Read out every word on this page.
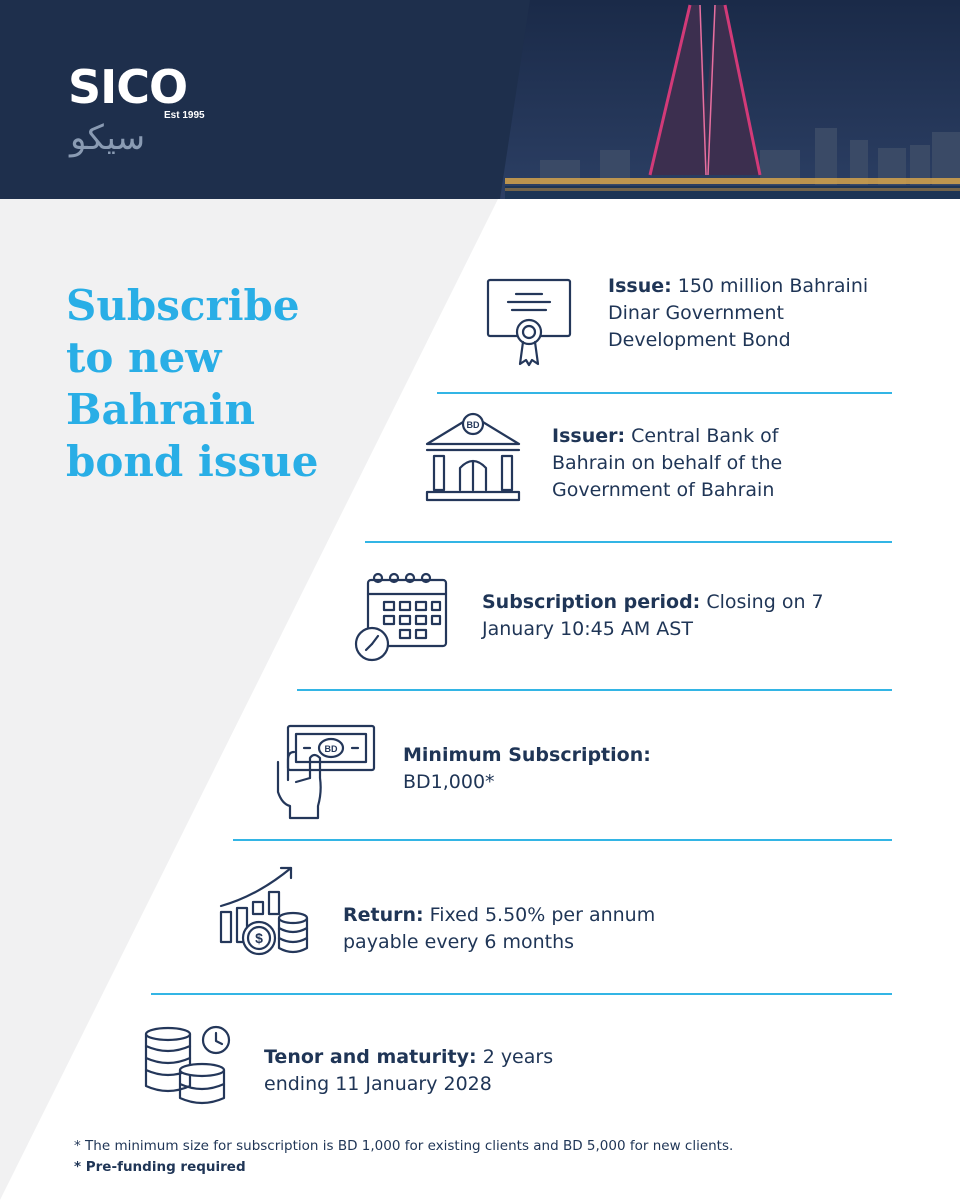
SICO
Est 1995
سيكو
Subscribe
to new
Bahrain
bond issue
Issue: 150 million Bahraini Dinar Government Development Bond
BD	Issuer: Central Bank of Bahrain on behalf of the Government of Bahrain
Subscription period: Closing on 7 January 10:45 AM AST
BD	Minimum Subscription:
BD1,000*
$
Return: Fixed 5.50% per annum payable every 6 months
Tenor and maturity: 2 years ending 11 January 2028
* The minimum size for subscription is BD 1,000 for existing clients and BD 5,000 for new clients.
* Pre-funding required
